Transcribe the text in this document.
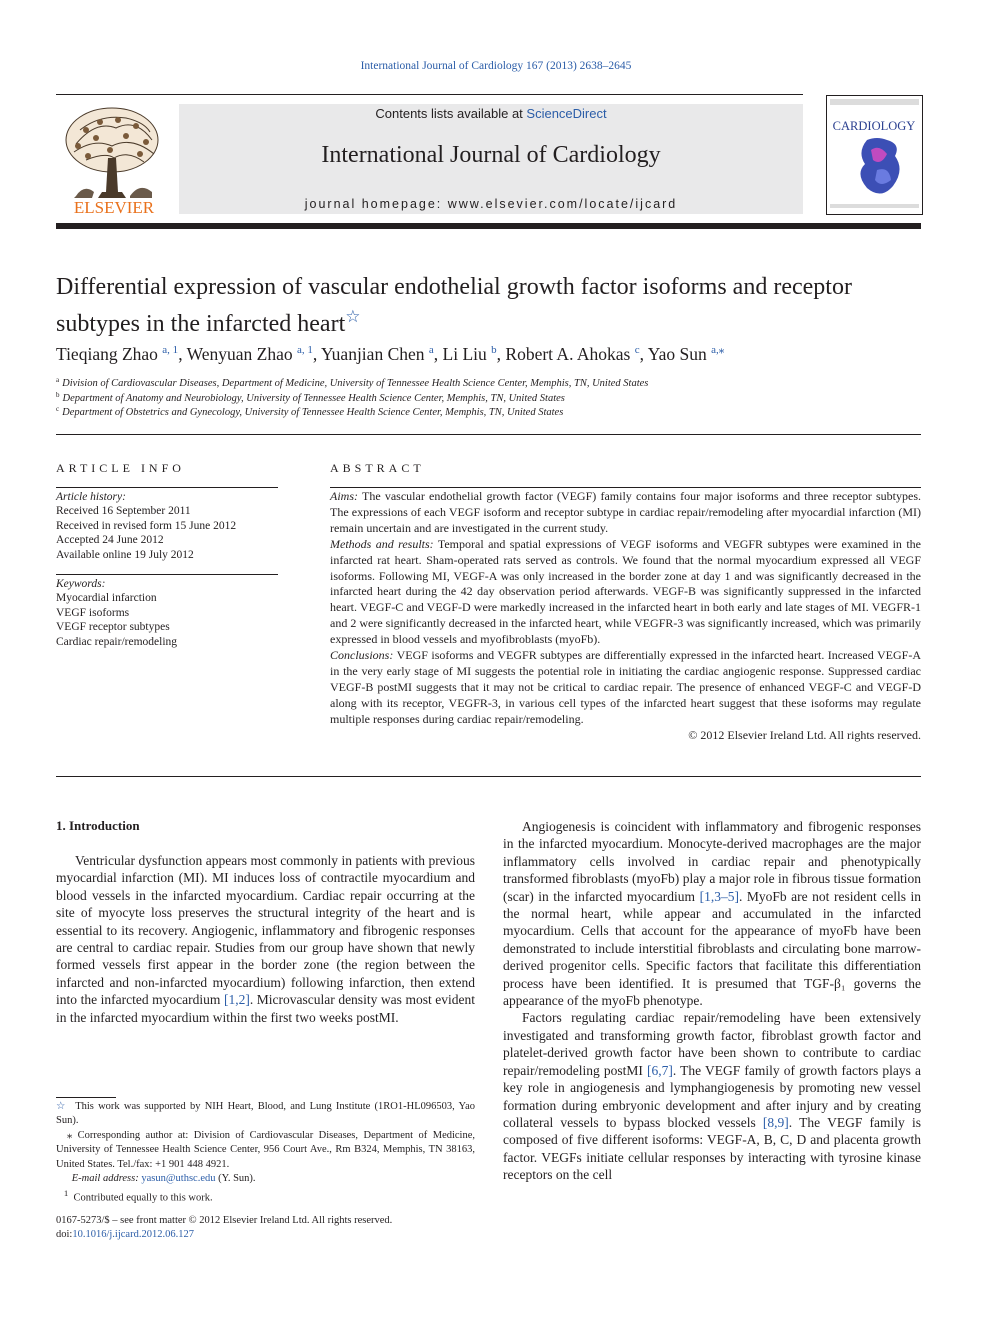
International Journal of Cardiology 167 (2013) 2638–2645
ELSEVIER
Contents lists available at ScienceDirect
International Journal of Cardiology
journal homepage: www.elsevier.com/locate/ijcard
CARDIOLOGY
Differential expression of vascular endothelial growth factor isoforms and receptor subtypes in the infarcted heart☆
Tieqiang Zhao $^{a, 1}$, Wenyuan Zhao $^{a, 1}$, Yuanjian Chen $^a$, Li Liu $^b$, Robert A. Ahokas $^c$, Yao Sun $^{a,⁎}$
$^a$ Division of Cardiovascular Diseases, Department of Medicine, University of Tennessee Health Science Center, Memphis, TN, United States
$^b$ Department of Anatomy and Neurobiology, University of Tennessee Health Science Center, Memphis, TN, United States
$^c$ Department of Obstetrics and Gynecology, University of Tennessee Health Science Center, Memphis, TN, United States
ARTICLE INFO
Article history:
Received 16 September 2011
Received in revised form 15 June 2012
Accepted 24 June 2012
Available online 19 July 2012
Keywords:
Myocardial infarction
VEGF isoforms
VEGF receptor subtypes
Cardiac repair/remodeling
ABSTRACT

Aims: The vascular endothelial growth factor (VEGF) family contains four major isoforms and three receptor subtypes. The expressions of each VEGF isoform and receptor subtype in cardiac repair/remodeling after myocardial infarction (MI) remain uncertain and are investigated in the current study.

Methods and results: Temporal and spatial expressions of VEGF isoforms and VEGFR subtypes were examined in the infarcted rat heart. Sham-operated rats served as controls. We found that the normal myocardium expressed all VEGF isoforms. Following MI, VEGF-A was only increased in the border zone at day 1 and was significantly decreased in the infarcted heart during the 42 day observation period afterwards. VEGF-B was significantly suppressed in the infarcted heart. VEGF-C and VEGF-D were markedly increased in the infarcted heart in both early and late stages of MI. VEGFR-1 and 2 were significantly decreased in the infarcted heart, while VEGFR-3 was significantly increased, which was primarily expressed in blood vessels and myofibroblasts (myoFb).

Conclusions: VEGF isoforms and VEGFR subtypes are differentially expressed in the infarcted heart. Increased VEGF-A in the very early stage of MI suggests the potential role in initiating the cardiac angiogenic response. Suppressed cardiac VEGF-B postMI suggests that it may not be critical to cardiac repair. The presence of enhanced VEGF-C and VEGF-D along with its receptor, VEGFR-3, in various cell types of the infarcted heart suggest that these isoforms may regulate multiple responses during cardiac repair/remodeling.

© 2012 Elsevier Ireland Ltd. All rights reserved.

1. Introduction

Ventricular dysfunction appears most commonly in patients with previous myocardial infarction (MI). MI induces loss of contractile myocardium and blood vessels in the infarcted myocardium. Cardiac repair occurring at the site of myocyte loss preserves the structural integrity of the heart and is essential to its recovery. Angiogenic, inflammatory and fibrogenic responses are central to cardiac repair. Studies from our group have shown that newly formed vessels first appear in the border zone (the region between the infarcted and non-infarcted myocardium) following infarction, then extend into the infarcted myocardium [1,2]. Microvascular density was most evident in the infarcted myocardium within the first two weeks postMI.

Angiogenesis is coincident with inflammatory and fibrogenic responses in the infarcted myocardium. Monocyte-derived macrophages are the major inflammatory cells involved in cardiac repair and phenotypically transformed fibroblasts (myoFb) play a major role in fibrous tissue formation (scar) in the infarcted myocardium [1,3–5]. MyoFb are not resident cells in the normal heart, while appear and accumulated in the infarcted myocardium. Cells that account for the appearance of myoFb have been demonstrated to include interstitial fibroblasts and circulating bone marrow-derived progenitor cells. Specific factors that facilitate this differentiation process have been identified. It is presumed that TGF-β₁ governs the appearance of the myoFb phenotype.

Factors regulating cardiac repair/remodeling have been extensively investigated and transforming growth factor, fibroblast growth factor and platelet-derived growth factor have been shown to contribute to cardiac repair/remodeling postMI [6,7]. The VEGF family of growth factors plays a key role in angiogenesis and lymphangiogenesis by promoting new vessel formation during embryonic development and after injury and by creating collateral vessels to bypass blocked vessels [8,9]. The VEGF family is composed of five different isoforms: VEGF-A, B, C, D and placenta growth factor. VEGFs initiate cellular responses by interacting with tyrosine kinase receptors on the cell

☆ This work was supported by NIH Heart, Blood, and Lung Institute (1RO1-HL096503, Yao Sun).

⁎ Corresponding author at: Division of Cardiovascular Diseases, Department of Medicine, University of Tennessee Health Science Center, 956 Court Ave., Rm B324, Memphis, TN 38163, United States. Tel./fax: +1 901 448 4921.

E-mail address: yasun@uthsc.edu (Y. Sun).

$^1$ Contributed equally to this work.

0167-5273/$ – see front matter © 2012 Elsevier Ireland Ltd. All rights reserved.
doi:10.1016/j.ijcard.2012.06.127
